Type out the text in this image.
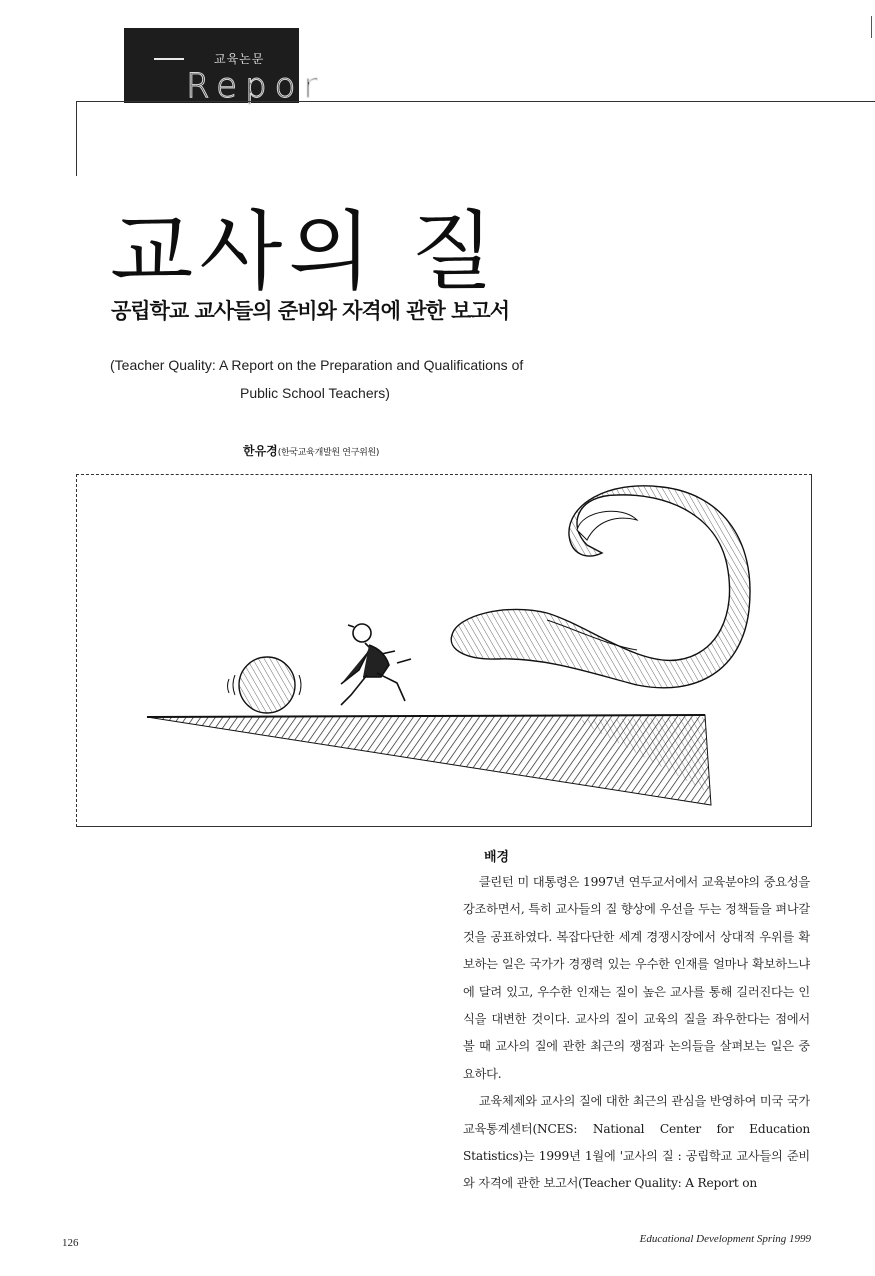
교육논문
Repor
교사의 질
공립학교 교사들의 준비와 자격에 관한 보고서
(Teacher Quality: A Report on the Preparation and Qualifications of
Public School Teachers)
한유경(한국교육개발원 연구위원)
배경

클린턴 미 대통령은 1997년 연두교서에서 교육분야의 중요성을 강조하면서, 특히 교사들의 질 향상에 우선을 두는 정책들을 펴나갈 것을 공표하였다. 복잡다단한 세계 경쟁시장에서 상대적 우위를 확보하는 일은 국가가 경쟁력 있는 우수한 인재를 얼마나 확보하느냐에 달려 있고, 우수한 인재는 질이 높은 교사를 통해 길러진다는 인식을 대변한 것이다. 교사의 질이 교육의 질을 좌우한다는 점에서 볼 때 교사의 질에 관한 최근의 쟁점과 논의들을 살펴보는 일은 중요하다.

교육체제와 교사의 질에 대한 최근의 관심을 반영하여 미국 국가교육통계센터(NCES: National Center for Education Statistics)는 1999년 1월에 '교사의 질 : 공립학교 교사들의 준비와 자격에 관한 보고서(Teacher Quality: A Report on

126	Educational Development Spring 1999
